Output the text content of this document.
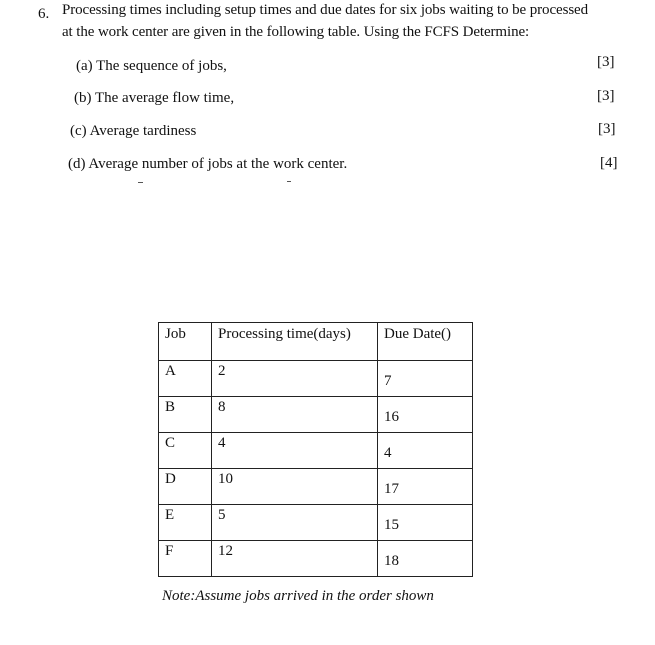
6. Processing times including setup times and due dates for six jobs waiting to be processed
at the work center are given in the following table. Using the FCFS Determine:
(a) The sequence of jobs,	[3]
(b) The average flow time,	[3]
(c) Average tardiness	[3]
(d) Average number of jobs at the work center.	[4]
Job	Processing time(days)	Due Date()

A	2	7

B	8	16

C	4	4

D	10	17

E	5	15

F	12	18
Note:Assume jobs arrived in the order shown
